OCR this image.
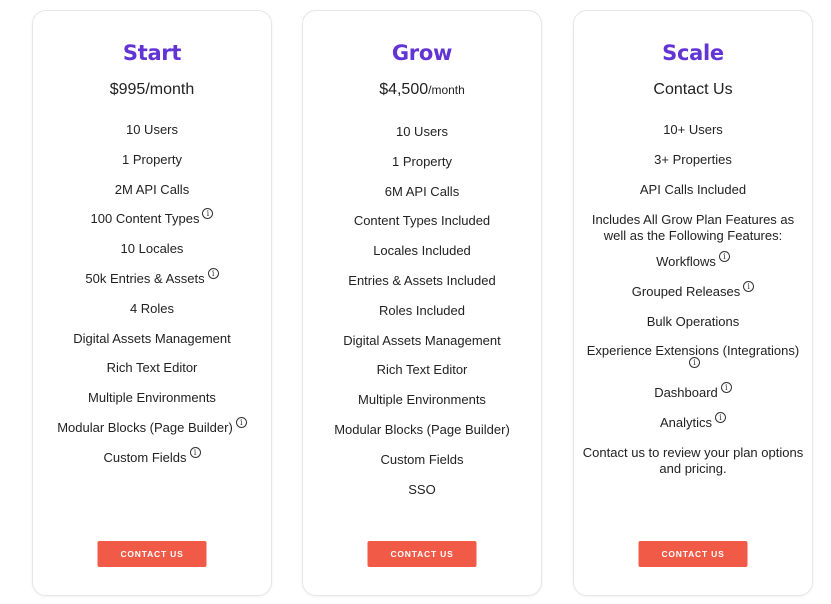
Start
$995/month
10 Users
1 Property
2M API Calls
100 Content Types i
10 Locales
50k Entries & Assets i
4 Roles
Digital Assets Management
Rich Text Editor
Multiple Environments
Modular Blocks (Page Builder) i
Custom Fields i
CONTACT US
Grow
$4,500/month
10 Users
1 Property
6M API Calls
Content Types Included
Locales Included
Entries & Assets Included
Roles Included
Digital Assets Management
Rich Text Editor
Multiple Environments
Modular Blocks (Page Builder)
Custom Fields
SSO
CONTACT US
Scale
Contact Us
10+ Users
3+ Properties
API Calls Included
Includes All Grow Plan Features as well as the Following Features:
Workflows i
Grouped Releases i
Bulk Operations
Experience Extensions (Integrations)i
Dashboard i
Analytics i
Contact us to review your plan options and pricing.
CONTACT US
